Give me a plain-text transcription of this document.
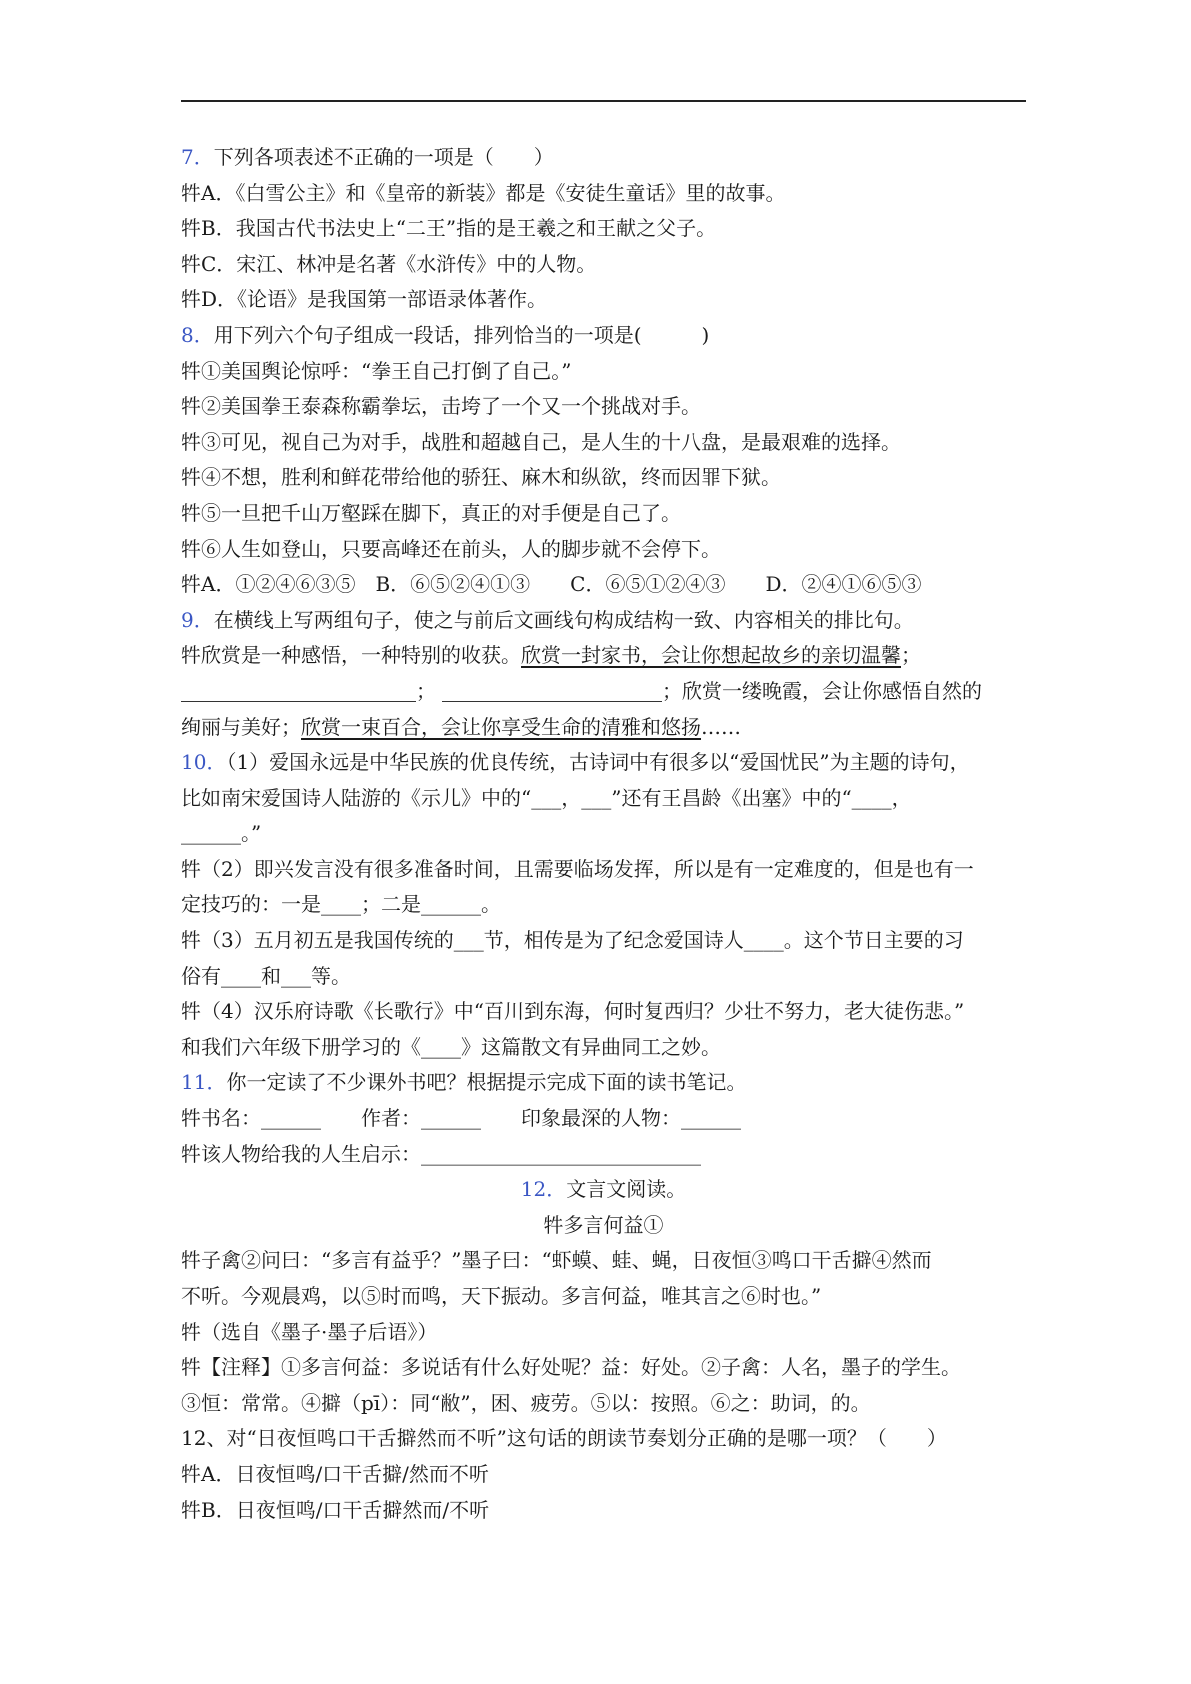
7．下列各项表述不正确的一项是（　　）
牪A．《白雪公主》和《皇帝的新装》都是《安徒生童话》里的故事。
牪B．我国古代书法史上“二王”指的是王羲之和王献之父子。
牪C．宋江、林冲是名著《水浒传》中的人物。
牪D．《论语》是我国第一部语录体著作。
8．用下列六个句子组成一段话，排列恰当的一项是(　　　)
牪①美国舆论惊呼：“拳王自己打倒了自己。”
牪②美国拳王泰森称霸拳坛，击垮了一个又一个挑战对手。
牪③可见，视自己为对手，战胜和超越自己，是人生的十八盘，是最艰难的选择。
牪④不想，胜利和鲜花带给他的骄狂、麻木和纵欲，终而因罪下狱。
牪⑤一旦把千山万壑踩在脚下，真正的对手便是自己了。
牪⑥人生如登山，只要高峰还在前头，人的脚步就不会停下。
牪A．①②④⑥③⑤　B．⑥⑤②④①③　　C．⑥⑤①②④③　　D．②④①⑥⑤③
9．在横线上写两组句子，使之与前后文画线句构成结构一致、内容相关的排比句。
牪欣赏是一种感悟，一种特别的收获。欣赏一封家书，会让你想起故乡的亲切温馨；
；	；欣赏一缕晚霞，会让你感悟自然的
绚丽与美好；欣赏一束百合，会让你享受生命的清雅和悠扬……
10．（1）爱国永远是中华民族的优良传统，古诗词中有很多以“爱国忧民”为主题的诗句，
比如南宋爱国诗人陆游的《示儿》中的“___，___”还有王昌龄《出塞》中的“____，
______。”
牪（2）即兴发言没有很多准备时间，且需要临场发挥，所以是有一定难度的，但是也有一
定技巧的：一是____；二是______。
牪（3）五月初五是我国传统的___节，相传是为了纪念爱国诗人____。这个节日主要的习
俗有____和___等。
牪（4）汉乐府诗歌《长歌行》中“百川到东海，何时复西归？少壮不努力，老大徒伤悲。”
和我们六年级下册学习的《____》这篇散文有异曲同工之妙。
11．你一定读了不少课外书吧？根据提示完成下面的读书笔记。
牪书名：______　　作者：______　　印象最深的人物：______
牪该人物给我的人生启示：____________________________
12．文言文阅读。
牪多言何益①
牪子禽②问曰：“多言有益乎？”墨子曰：“虾蟆、蛙、蝇，日夜恒③鸣口干舌擗④然而
不听。今观晨鸡，以⑤时而鸣，天下振动。多言何益，唯其言之⑥时也。”
牪（选自《墨子·墨子后语》）
牪【注释】①多言何益：多说话有什么好处呢？益：好处。②子禽：人名，墨子的学生。
③恒：常常。④擗（pī）：同“敝”，困、疲劳。⑤以：按照。⑥之：助词，的。
12、对“日夜恒鸣口干舌擗然而不听”这句话的朗读节奏划分正确的是哪一项？（　　）
牪A．日夜恒鸣/口干舌擗/然而不听
牪B．日夜恒鸣/口干舌擗然而/不听
